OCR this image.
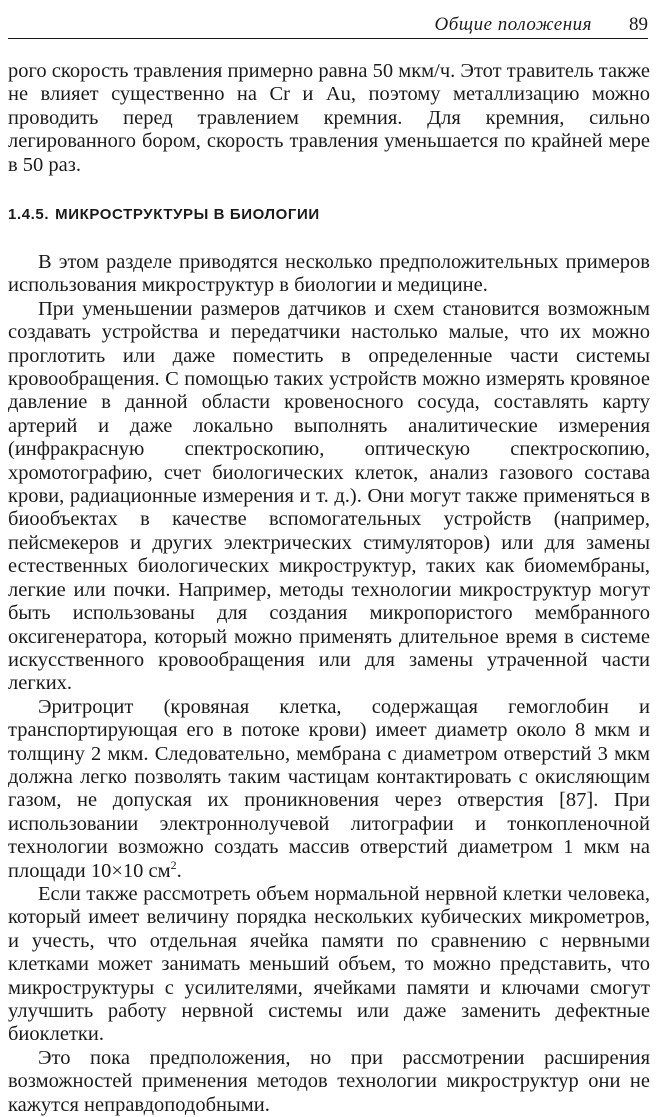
Общие положения 89

рого скорость травления примерно равна 50 мкм/ч. Этот травитель также не влияет существенно на Cr и Au, поэтому металлизацию можно проводить перед травлением кремния. Для кремния, сильно легированного бором, скорость травления уменьшается по крайней мере в 50 раз.

1.4.5. МИКРОСТРУКТУРЫ В БИОЛОГИИ

В этом разделе приводятся несколько предположительных примеров использования микроструктур в биологии и медицине.

При уменьшении размеров датчиков и схем становится возможным создавать устройства и передатчики настолько малые, что их можно проглотить или даже поместить в определенные части системы кровообращения. С помощью таких устройств можно измерять кровяное давление в данной области кровеносного сосуда, составлять карту артерий и даже локально выполнять аналитические измерения (инфракрасную спектроскопию, оптическую спектроскопию, хромотографию, счет биологических клеток, анализ газового состава крови, радиационные измерения и т. д.). Они могут также применяться в биообъектах в качестве вспомогательных устройств (например, пейсмекеров и других электрических стимуляторов) или для замены естественных биологических микроструктур, таких как биомембраны, легкие или почки. Например, методы технологии микроструктур могут быть использованы для создания микропористого мембранного оксигенератора, который можно применять длительное время в системе искусственного кровообращения или для замены утраченной части легких.

Эритроцит (кровяная клетка, содержащая гемоглобин и транспортирующая его в потоке крови) имеет диаметр около 8 мкм и толщину 2 мкм. Следовательно, мембрана с диаметром отверстий 3 мкм должна легко позволять таким частицам контактировать с окисляющим газом, не допуская их проникновения через отверстия [87]. При использовании электроннолучевой литографии и тонкопленочной технологии возможно создать массив отверстий диаметром 1 мкм на площади 10×10 $см^2$.

Если также рассмотреть объем нормальной нервной клетки человека, который имеет величину порядка нескольких кубических микрометров, и учесть, что отдельная ячейка памяти по сравнению с нервными клетками может занимать меньший объем, то можно представить, что микроструктуры с усилителями, ячейками памяти и ключами смогут улучшить работу нервной системы или даже заменить дефектные биоклетки.

Это пока предположения, но при рассмотрении расширения возможностей применения методов технологии микроструктур они не кажутся неправдоподобными.
